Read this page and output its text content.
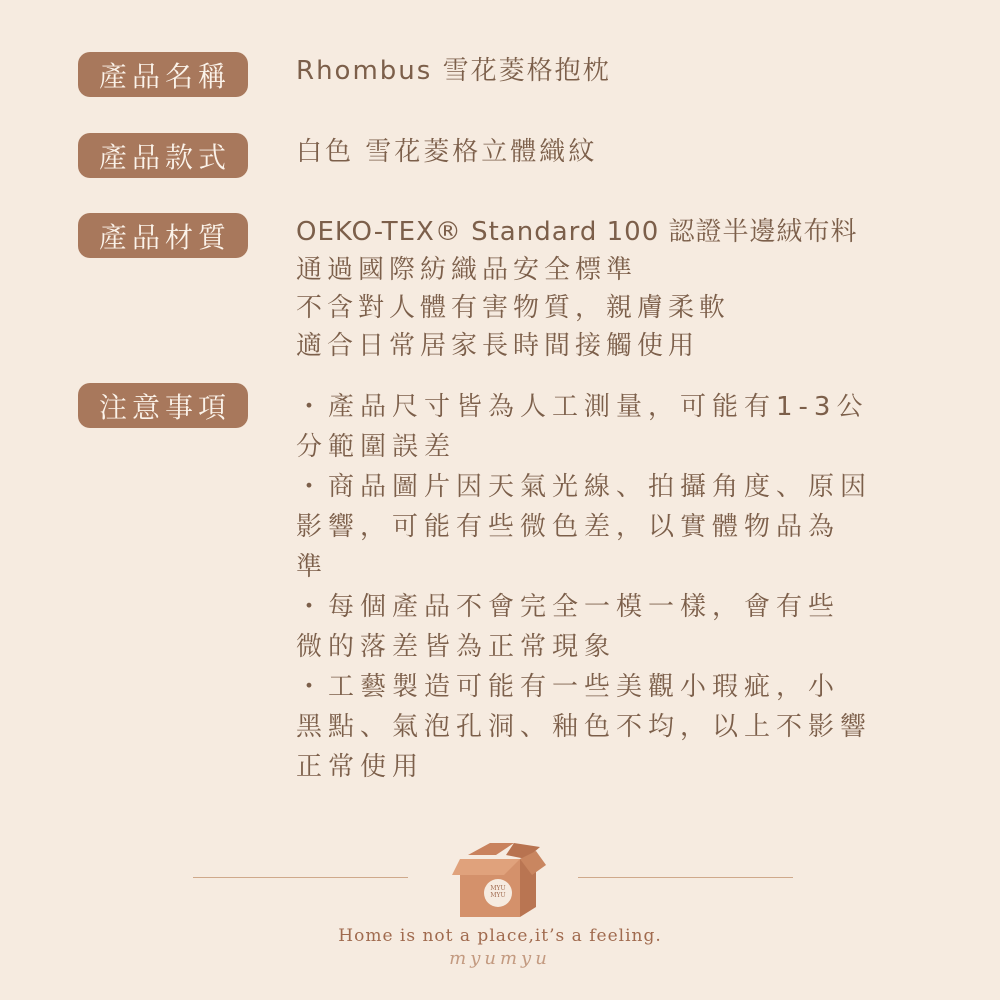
產品名稱	Rhombus 雪花菱格抱枕
產品款式	白色 雪花菱格立體織紋
產品材質	OEKO-TEX® Standard 100 認證半邊絨布料
通過國際紡織品安全標準
不含對人體有害物質，親膚柔軟
適合日常居家長時間接觸使用
注意事項	・產品尺寸皆為人工測量，可能有1-3公
分範圍誤差
・商品圖片因天氣光線、拍攝角度、原因
影響，可能有些微色差，以實體物品為
準
・每個產品不會完全一模一樣，會有些
微的落差皆為正常現象
・工藝製造可能有一些美觀小瑕疵，小
黑點、氣泡孔洞、釉色不均，以上不影響
正常使用
MYU MYU
Home is not a place,it’s a feeling.
myumyu
